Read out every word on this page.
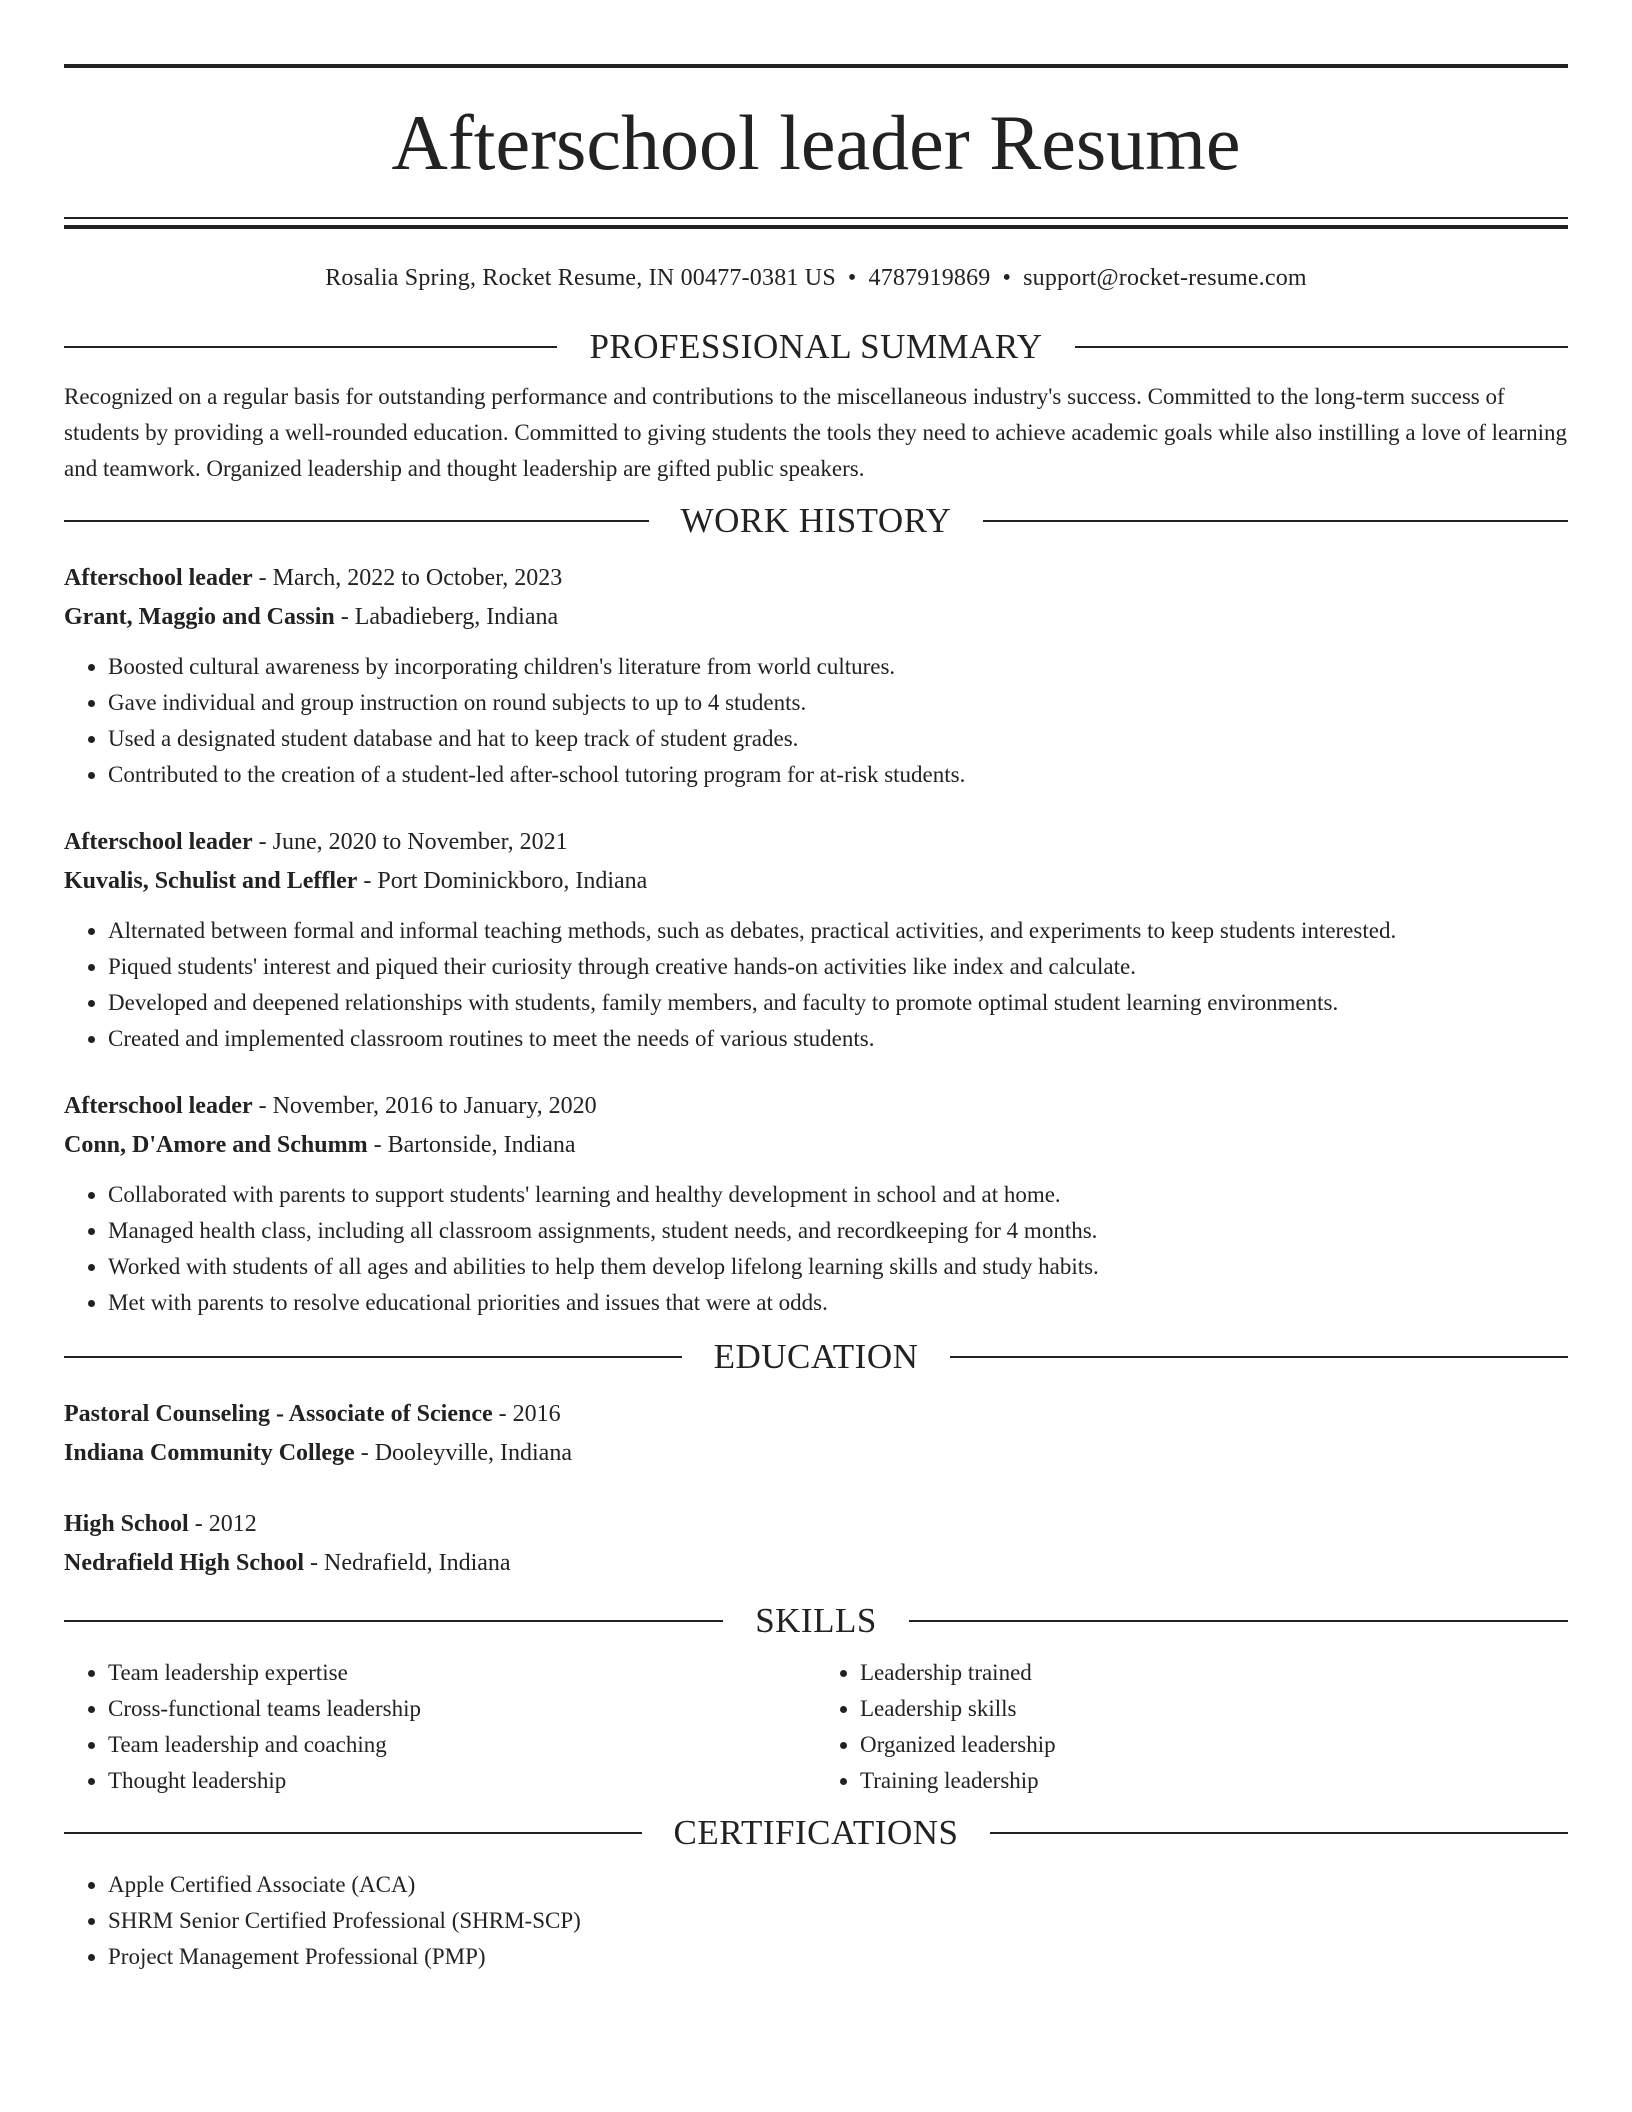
Afterschool leader Resume
Rosalia Spring, Rocket Resume, IN 00477-0381 US • 4787919869 • support@rocket-resume.com
PROFESSIONAL SUMMARY

Recognized on a regular basis for outstanding performance and contributions to the miscellaneous industry's success. Committed to the long-term success of students by providing a well-rounded education. Committed to giving students the tools they need to achieve academic goals while also instilling a love of learning and teamwork. Organized leadership and thought leadership are gifted public speakers.

WORK HISTORY
Afterschool leader - March, 2022 to October, 2023
Grant, Maggio and Cassin - Labadieberg, Indiana
• Boosted cultural awareness by incorporating children's literature from world cultures.
• Gave individual and group instruction on round subjects to up to 4 students.
• Used a designated student database and hat to keep track of student grades.
• Contributed to the creation of a student-led after-school tutoring program for at-risk students.
Afterschool leader - June, 2020 to November, 2021
Kuvalis, Schulist and Leffler - Port Dominickboro, Indiana
• Alternated between formal and informal teaching methods, such as debates, practical activities, and experiments to keep students interested.
• Piqued students' interest and piqued their curiosity through creative hands-on activities like index and calculate.
• Developed and deepened relationships with students, family members, and faculty to promote optimal student learning environments.
• Created and implemented classroom routines to meet the needs of various students.
Afterschool leader - November, 2016 to January, 2020
Conn, D'Amore and Schumm - Bartonside, Indiana
• Collaborated with parents to support students' learning and healthy development in school and at home.
• Managed health class, including all classroom assignments, student needs, and recordkeeping for 4 months.
• Worked with students of all ages and abilities to help them develop lifelong learning skills and study habits.
• Met with parents to resolve educational priorities and issues that were at odds.
EDUCATION
Pastoral Counseling - Associate of Science - 2016
Indiana Community College - Dooleyville, Indiana
High School - 2012
Nedrafield High School - Nedrafield, Indiana
SKILLS
• Team leadership expertise
• Cross-functional teams leadership
• Team leadership and coaching
• Thought leadership
• Leadership trained
• Leadership skills
• Organized leadership
• Training leadership
CERTIFICATIONS
• Apple Certified Associate (ACA)
• SHRM Senior Certified Professional (SHRM-SCP)
• Project Management Professional (PMP)
